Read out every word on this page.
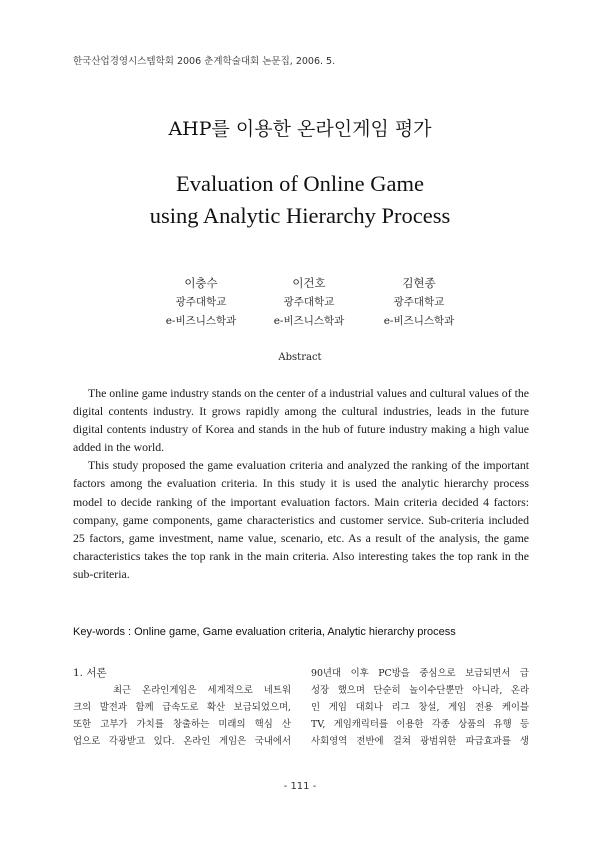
한국산업경영시스템학회 2006 춘계학술대회 논문집, 2006. 5.
AHP를 이용한 온라인게임 평가
Evaluation of Online Game
using Analytic Hierarchy Process
이충수
광주대학교
e-비즈니스학과
이건호
광주대학교
e-비즈니스학과
김현종
광주대학교
e-비즈니스학과
Abstract

The online game industry stands on the center of a industrial values and cultural values of the digital contents industry. It grows rapidly among the cultural industries, leads in the future digital contents industry of Korea and stands in the hub of future industry making a high value added in the world.

This study proposed the game evaluation criteria and analyzed the ranking of the important factors among the evaluation criteria. In this study it is used the analytic hierarchy process model to decide ranking of the important evaluation factors. Main criteria decided 4 factors: company, game components, game characteristics and customer service. Sub-criteria included 25 factors, game investment, name value, scenario, etc. As a result of the analysis, the game characteristics takes the top rank in the main criteria. Also interesting takes the top rank in the sub-criteria.

Key-words : Online game, Game evaluation criteria, Analytic hierarchy process
1. 서론
최근 온라인게임은 세계적으로 네트워
크의 발전과 함께 급속도로 확산 보급되었으며,
또한 고부가 가치를 창출하는 미래의 핵심 산
업으로 각광받고 있다. 온라인 게임은 국내에서
90년대 이후 PC방을 중심으로 보급되면서 급
성장 했으며 단순히 놀이수단뿐만 아니라, 온라
인 게임 대회나 리그 창설, 게임 전용 케이블
TV, 게임캐릭터를 이용한 각종 상품의 유행 등
사회영역 전반에 걸쳐 광범위한 파급효과를 생
- 111 -
